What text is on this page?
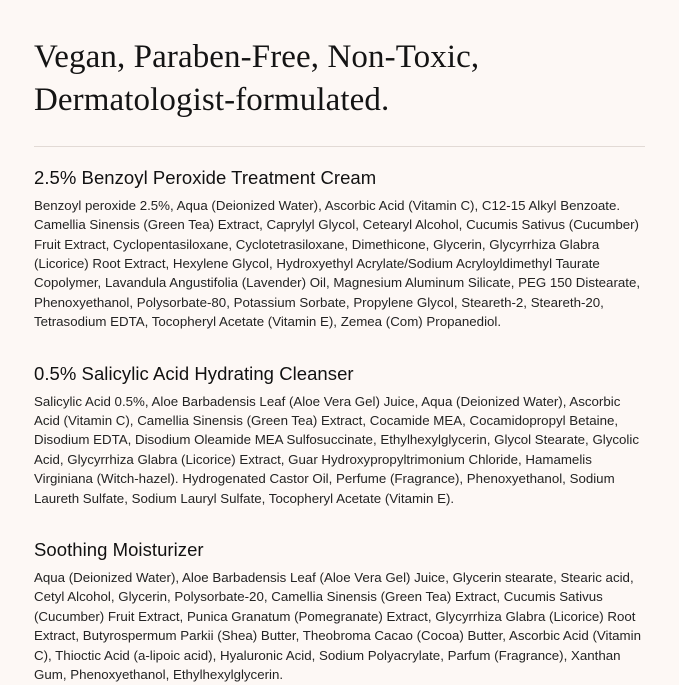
Vegan, Paraben-Free, Non-Toxic,
Dermatologist-formulated.
2.5% Benzoyl Peroxide Treatment Cream

Benzoyl peroxide 2.5%, Aqua (Deionized Water), Ascorbic Acid (Vitamin C), C12-15 Alkyl Benzoate. Camellia Sinensis (Green Tea) Extract, Caprylyl Glycol, Cetearyl Alcohol, Cucumis Sativus (Cucumber) Fruit Extract, Cyclopentasiloxane, Cyclotetrasiloxane, Dimethicone, Glycerin, Glycyrrhiza Glabra (Licorice) Root Extract, Hexylene Glycol, Hydroxyethyl Acrylate/Sodium Acryloyldimethyl Taurate Copolymer, Lavandula Angustifolia (Lavender) Oil, Magnesium Aluminum Silicate, PEG 150 Distearate, Phenoxyethanol, Polysorbate-80, Potassium Sorbate, Propylene Glycol, Steareth-2, Steareth-20, Tetrasodium EDTA, Tocopheryl Acetate (Vitamin E), Zemea (Com) Propanediol.

0.5% Salicylic Acid Hydrating Cleanser

Salicylic Acid 0.5%, Aloe Barbadensis Leaf (Aloe Vera Gel) Juice, Aqua (Deionized Water), Ascorbic Acid (Vitamin C), Camellia Sinensis (Green Tea) Extract, Cocamide MEA, Cocamidopropyl Betaine, Disodium EDTA, Disodium Oleamide MEA Sulfosuccinate, Ethylhexylglycerin, Glycol Stearate, Glycolic Acid, Glycyrrhiza Glabra (Licorice) Extract, Guar Hydroxypropyltrimonium Chloride, Hamamelis Virginiana (Witch-hazel). Hydrogenated Castor Oil, Perfume (Fragrance), Phenoxyethanol, Sodium Laureth Sulfate, Sodium Lauryl Sulfate, Tocopheryl Acetate (Vitamin E).

Soothing Moisturizer

Aqua (Deionized Water), Aloe Barbadensis Leaf (Aloe Vera Gel) Juice, Glycerin stearate, Stearic acid, Cetyl Alcohol, Glycerin, Polysorbate-20, Camellia Sinensis (Green Tea) Extract, Cucumis Sativus (Cucumber) Fruit Extract, Punica Granatum (Pomegranate) Extract, Glycyrrhiza Glabra (Licorice) Root Extract, Butyrospermum Parkii (Shea) Butter, Theobroma Cacao (Cocoa) Butter, Ascorbic Acid (Vitamin C), Thioctic Acid (a-lipoic acid), Hyaluronic Acid, Sodium Polyacrylate, Parfum (Fragrance), Xanthan Gum, Phenoxyethanol, Ethylhexylglycerin.
